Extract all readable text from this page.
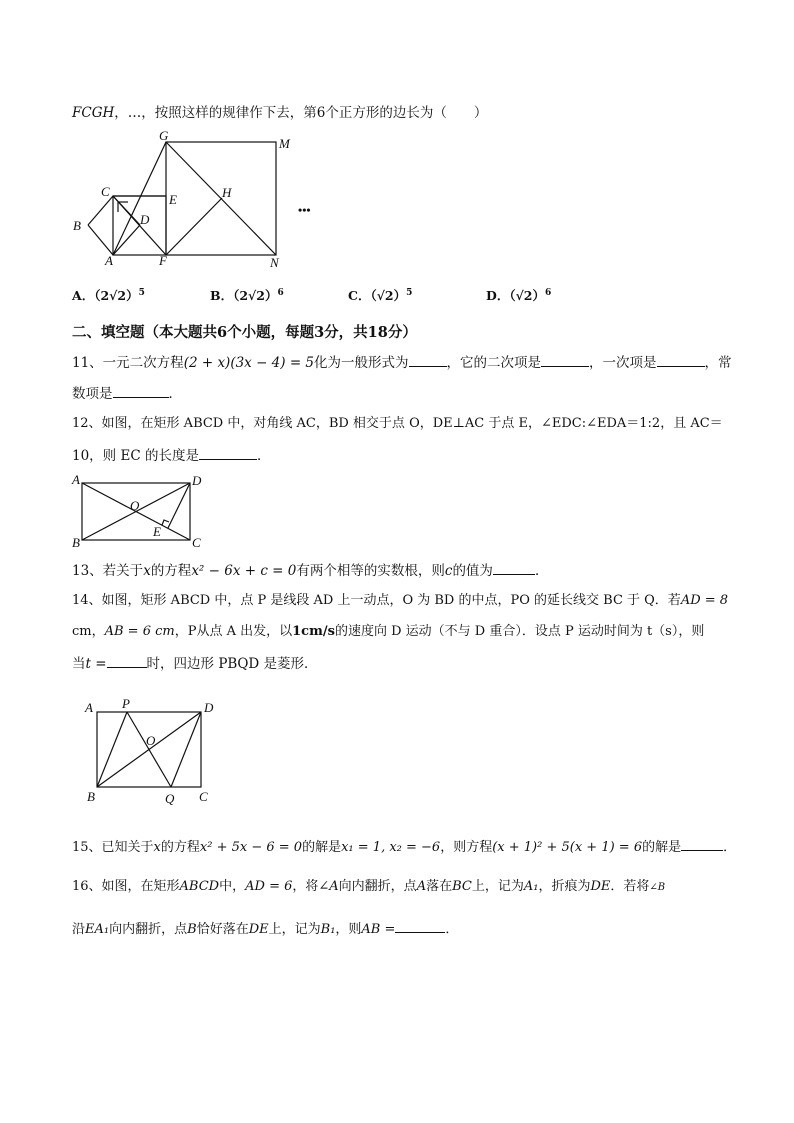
FCGH，…，按照这样的规律作下去，第6个正方形的边长为（　　）
G
M
C
E	H
D
B
A	F	N
•••
A．$(2√2)^5$	B．$(2√2)^6$	C．$(√2)^5$	D．$(√2)^6$
二、填空题（本大题共6个小题，每题3分，共18分）
11、一元二次方程(2 + x)(3x − 4) = 5化为一般形式为	，它的二次项是	，一次项是	，常
数项是	．
12、如图，在矩形 ABCD 中，对角线 AC，BD 相交于点 O，DE⊥AC 于点 E，∠EDC:∠EDA＝1:2，且 AC＝
10，则 EC 的长度是	．
A	D
O
E
B	C
13、若关于x的方程x² − 6x + c = 0有两个相等的实数根，则c的值为	．
14、如图，矩形 ABCD 中，点 P 是线段 AD 上一动点，O 为 BD 的中点，PO 的延长线交 BC 于 Q．若AD = 8
cm，AB = 6 cm，P从点 A 出发，以1cm/s的速度向 D 运动（不与 D 重合）．设点 P 运动时间为 t（s），则
当t =	时，四边形 PBQD 是菱形．
A P	D
O
B	Q C
15、已知关于x的方程x² + 5x − 6 = 0的解是x₁ = 1, x₂ = −6，则方程(x + 1)² + 5(x + 1) = 6的解是	．
16、如图，在矩形ABCD中，AD = 6，将∠A向内翻折，点A落在BC上，记为A₁，折痕为DE．若将∠B
沿EA₁向内翻折，点B恰好落在DE上，记为B₁，则AB =	．
